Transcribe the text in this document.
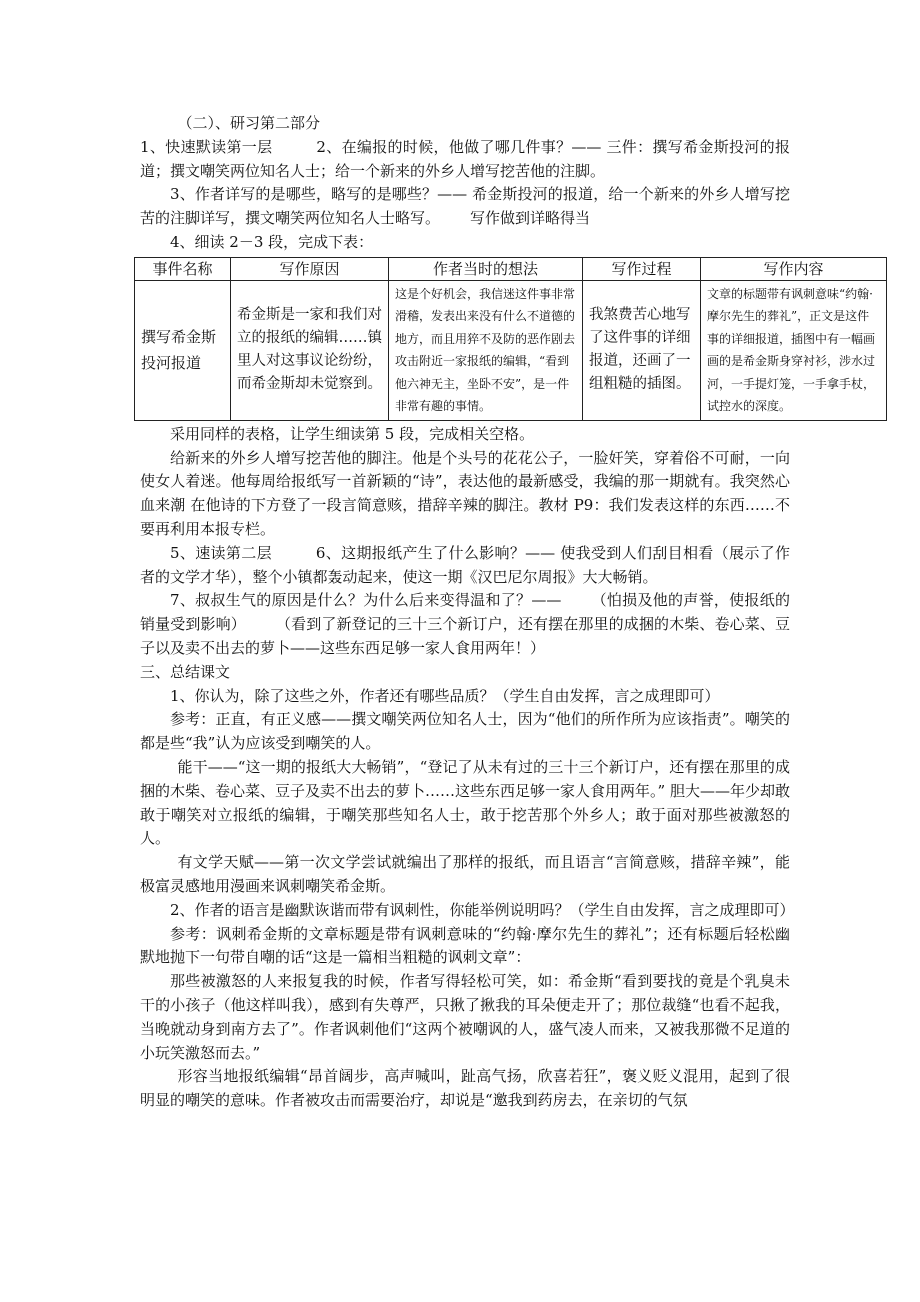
（二）、研习第二部分

1、快速默读第一层	2、在编报的时候，他做了哪几件事？—— 三件：撰写希金斯投河的报道；撰文嘲笑两位知名人士；给一个新来的外乡人增写挖苦他的注脚。

3、作者详写的是哪些，略写的是哪些？—— 希金斯投河的报道，给一个新来的外乡人增写挖苦的注脚详写，撰文嘲笑两位知名人士略写。 写作做到详略得当

4、细读 2－3 段，完成下表：

事件名称	写作原因	作者当时的想法	写作过程	写作内容
撰写希金斯投河报道	希金斯是一家和我们对立的报纸的编辑……镇里人对这事议论纷纷，而希金斯却未觉察到。	这是个好机会，我信迷这件事非常滑稽，发表出来没有什么不道德的地方，而且用猝不及防的恶作剧去攻击附近一家报纸的编辑，“看到他六神无主，坐卧不安”，是一件非常有趣的事情。	我煞费苦心地写了这件事的详细报道，还画了一组粗糙的插图。	文章的标题带有讽刺意味“约翰·摩尔先生的葬礼”，正文是这件事的详细报道，插图中有一幅画画的是希金斯身穿衬衫，涉水过河，一手提灯笼，一手拿手杖，试控水的深度。

采用同样的表格，让学生细读第 5 段，完成相关空格。

给新来的外乡人增写挖苦他的脚注。他是个头号的花花公子，一脸奸笑，穿着俗不可耐，一向使女人着迷。他每周给报纸写一首新颖的“诗”，表达他的最新感受，我编的那一期就有。我突然心血来潮 在他诗的下方登了一段言简意赅，措辞辛辣的脚注。教材 P9：我们发表这样的东西……不要再利用本报专栏。

5、速读第二层	6、这期报纸产生了什么影响？—— 使我受到人们刮目相看（展示了作者的文学才华），整个小镇都轰动起来，使这一期《汉巴尼尔周报》大大畅销。

7、叔叔生气的原因是什么？为什么后来变得温和了？—— （怕损及他的声誉，使报纸的销量受到影响） （看到了新登记的三十三个新订户，还有摆在那里的成捆的木柴、卷心菜、豆子以及卖不出去的萝卜——这些东西足够一家人食用两年！）

三、总结课文

1、你认为，除了这些之外，作者还有哪些品质？（学生自由发挥，言之成理即可）

参考：正直，有正义感——撰文嘲笑两位知名人士，因为“他们的所作所为应该指责”。嘲笑的都是些“我”认为应该受到嘲笑的人。

能干——“这一期的报纸大大畅销”，“登记了从未有过的三十三个新订户，还有摆在那里的成捆的木柴、卷心菜、豆子及卖不出去的萝卜……这些东西足够一家人食用两年。” 胆大——年少却敢敢于嘲笑对立报纸的编辑，于嘲笑那些知名人士，敢于挖苦那个外乡人；敢于面对那些被激怒的人。

有文学天赋——第一次文学尝试就编出了那样的报纸，而且语言“言简意赅，措辞辛辣”，能极富灵感地用漫画来讽刺嘲笑希金斯。

2、作者的语言是幽默诙谐而带有讽刺性，你能举例说明吗？（学生自由发挥，言之成理即可）

参考：讽刺希金斯的文章标题是带有讽刺意味的“约翰·摩尔先生的葬礼”；还有标题后轻松幽默地抛下一句带自嘲的话“这是一篇相当粗糙的讽刺文章”：

那些被激怒的人来报复我的时候，作者写得轻松可笑，如：希金斯“看到要找的竟是个乳臭未干的小孩子（他这样叫我），感到有失尊严，只揪了揪我的耳朵便走开了；那位裁缝“也看不起我，当晚就动身到南方去了”。作者讽刺他们“这两个被嘲讽的人，盛气凌人而来，又被我那微不足道的小玩笑激怒而去。”

形容当地报纸编辑“昂首阔步，高声喊叫，趾高气扬，欣喜若狂”，褒义贬义混用，起到了很明显的嘲笑的意味。作者被攻击而需要治疗，却说是“邀我到药房去，在亲切的气氛
